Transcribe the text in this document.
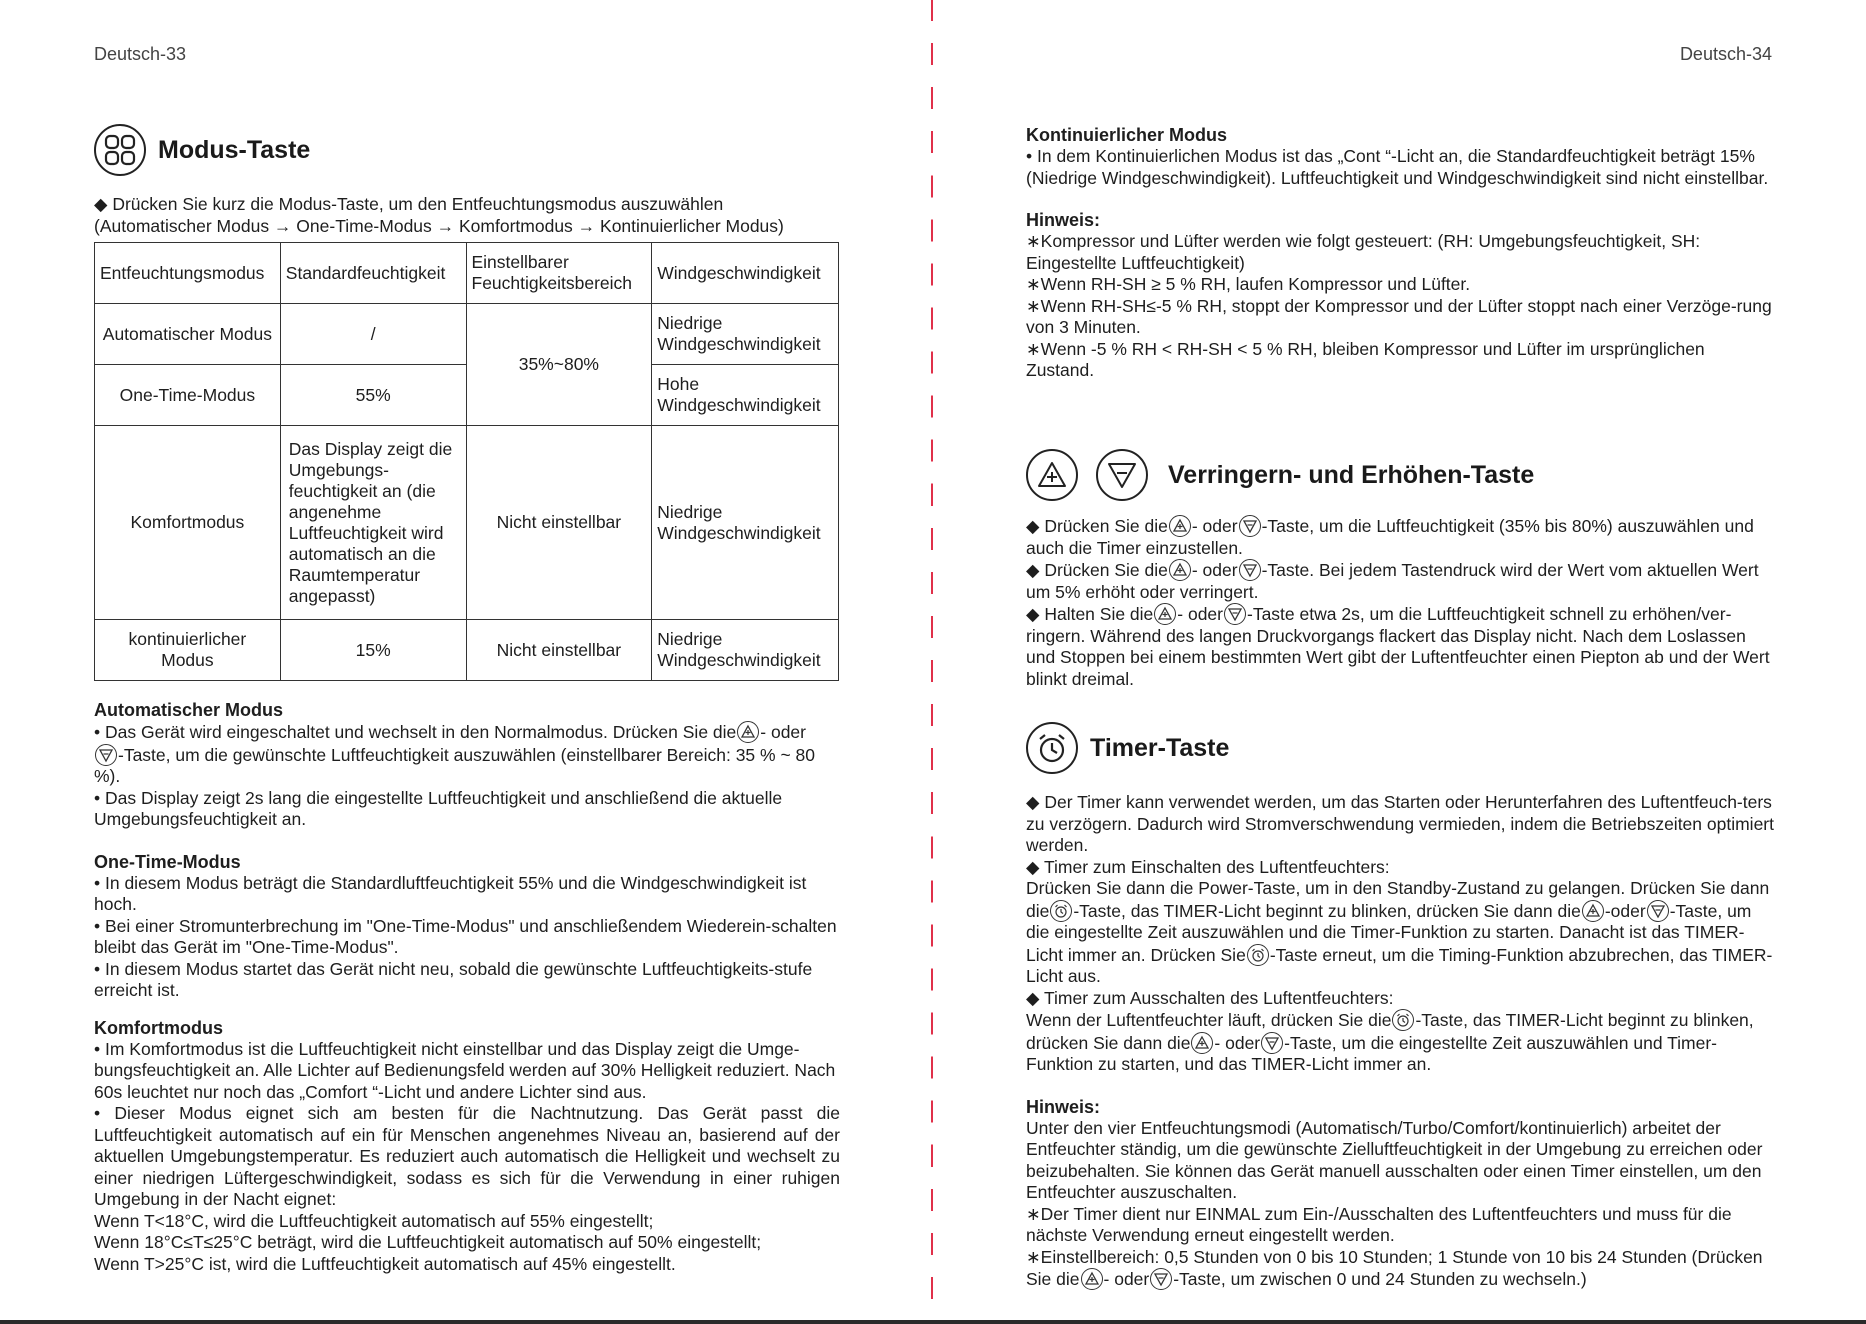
Deutsch-33
Modus-Taste

◆ Drücken Sie kurz die Modus-Taste, um den Entfeuchtungsmodus auszuwählen

(Automatischer Modus → One-Time-Modus → Komfortmodus → Kontinuierlicher Modus)

Entfeuchtungsmodus	Standardfeuchtigkeit	Einstellbarer Feuchtigkeitsbereich	Windgeschwindigkeit
Automatischer Modus	/	35%~80%	Niedrige Windgeschwindigkeit
One-Time-Modus	55%		Hohe Windgeschwindigkeit
Komfortmodus	Das Display zeigt die Umgebungs-feuchtigkeit an (die angenehme Luftfeuchtigkeit wird automatisch an die Raumtemperatur angepasst)	Nicht einstellbar	Niedrige Windgeschwindigkeit
kontinuierlicher Modus	15%	Nicht einstellbar	Niedrige Windgeschwindigkeit
Automatischer Modus

• Das Gerät wird eingeschaltet und wechselt in den Normalmodus. Drücken Sie die - oder

-Taste, um die gewünschte Luftfeuchtigkeit auszuwählen (einstellbarer Bereich: 35 % ~ 80 %).

• Das Display zeigt 2s lang die eingestellte Luftfeuchtigkeit und anschließend die aktuelle Umgebungsfeuchtigkeit an.

One-Time-Modus

• In diesem Modus beträgt die Standardluftfeuchtigkeit 55% und die Windgeschwindigkeit ist hoch.

• Bei einer Stromunterbrechung im "One-Time-Modus" und anschließendem Wiederein-schalten bleibt das Gerät im "One-Time-Modus".

• In diesem Modus startet das Gerät nicht neu, sobald die gewünschte Luftfeuchtigkeits-stufe erreicht ist.

Komfortmodus

• Im Komfortmodus ist die Luftfeuchtigkeit nicht einstellbar und das Display zeigt die Umge-bungsfeuchtigkeit an. Alle Lichter auf Bedienungsfeld werden auf 30% Helligkeit reduziert. Nach 60s leuchtet nur noch das „Comfort “-Licht und andere Lichter sind aus.

• Dieser Modus eignet sich am besten für die Nachtnutzung. Das Gerät passt die Luftfeuchtigkeit automatisch auf ein für Menschen angenehmes Niveau an, basierend auf der aktuellen Umgebungstemperatur. Es reduziert auch automatisch die Helligkeit und wechselt zu einer niedrigen Lüftergeschwindigkeit, sodass es sich für die Verwendung in einer ruhigen Umgebung in der Nacht eignet:

Wenn T<18°C, wird die Luftfeuchtigkeit automatisch auf 55% eingestellt;

Wenn 18°C≤T≤25°C beträgt, wird die Luftfeuchtigkeit automatisch auf 50% eingestellt;

Wenn T>25°C ist, wird die Luftfeuchtigkeit automatisch auf 45% eingestellt.

Deutsch-34
Kontinuierlicher Modus

• In dem Kontinuierlichen Modus ist das „Cont “-Licht an, die Standardfeuchtigkeit beträgt 15% (Niedrige Windgeschwindigkeit). Luftfeuchtigkeit und Windgeschwindigkeit sind nicht einstellbar.

Hinweis:

∗Kompressor und Lüfter werden wie folgt gesteuert: (RH: Umgebungsfeuchtigkeit, SH: Eingestellte Luftfeuchtigkeit)

∗Wenn RH-SH ≥ 5 % RH, laufen Kompressor und Lüfter.

∗Wenn RH-SH≤-5 % RH, stoppt der Kompressor und der Lüfter stoppt nach einer Verzöge-rung von 3 Minuten.

∗Wenn -5 % RH < RH-SH < 5 % RH, bleiben Kompressor und Lüfter im ursprünglichen Zustand.

Verringern- und Erhöhen-Taste

◆ Drücken Sie die - oder -Taste, um die Luftfeuchtigkeit (35% bis 80%) auszuwählen und auch die Timer einzustellen.

◆ Drücken Sie die - oder -Taste. Bei jedem Tastendruck wird der Wert vom aktuellen Wert um 5% erhöht oder verringert.

◆ Halten Sie die - oder -Taste etwa 2s, um die Luftfeuchtigkeit schnell zu erhöhen/ver-ringern. Während des langen Druckvorgangs flackert das Display nicht. Nach dem Loslassen und Stoppen bei einem bestimmten Wert gibt der Luftentfeuchter einen Piepton ab und der Wert blinkt dreimal.

Timer-Taste

◆ Der Timer kann verwendet werden, um das Starten oder Herunterfahren des Luftentfeuch-ters zu verzögern. Dadurch wird Stromverschwendung vermieden, indem die Betriebszeiten optimiert werden.

◆ Timer zum Einschalten des Luftentfeuchters:

Drücken Sie dann die Power-Taste, um in den Standby-Zustand zu gelangen. Drücken Sie dann die -Taste, das TIMER-Licht beginnt zu blinken, drücken Sie dann die -oder -Taste, um die eingestellte Zeit auszuwählen und die Timer-Funktion zu starten. Danacht ist das TIMER-Licht immer an. Drücken Sie -Taste erneut, um die Timing-Funktion abzubrechen, das TIMER-Licht aus.

◆ Timer zum Ausschalten des Luftentfeuchters:

Wenn der Luftentfeuchter läuft, drücken Sie die -Taste, das TIMER-Licht beginnt zu blinken, drücken Sie dann die - oder -Taste, um die eingestellte Zeit auszuwählen und Timer-Funktion zu starten, und das TIMER-Licht immer an.

Hinweis:

Unter den vier Entfeuchtungsmodi (Automatisch/Turbo/Comfort/kontinuierlich) arbeitet der Entfeuchter ständig, um die gewünschte Zielluftfeuchtigkeit in der Umgebung zu erreichen oder beizubehalten. Sie können das Gerät manuell ausschalten oder einen Timer einstellen, um den Entfeuchter auszuschalten.

∗Der Timer dient nur EINMAL zum Ein-/Ausschalten des Luftentfeuchters und muss für die nächste Verwendung erneut eingestellt werden.

∗Einstellbereich: 0,5 Stunden von 0 bis 10 Stunden; 1 Stunde von 10 bis 24 Stunden (Drücken Sie die - oder -Taste, um zwischen 0 und 24 Stunden zu wechseln.)
